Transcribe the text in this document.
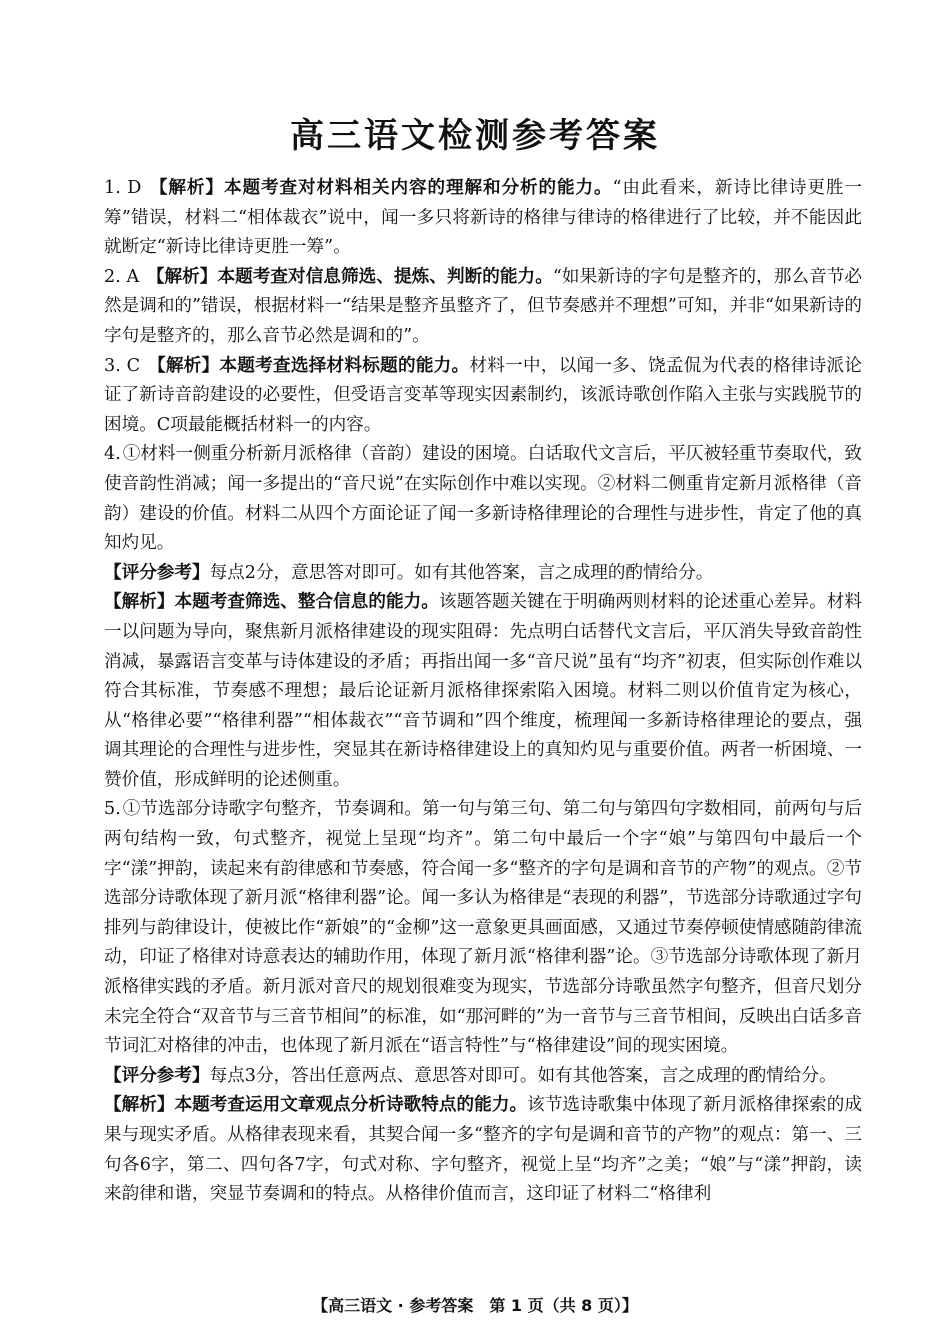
高三语文检测参考答案

1. D 【解析】本题考查对材料相关内容的理解和分析的能力。“由此看来，新诗比律诗更胜一筹”错误，材料二“相体裁衣”说中，闻一多只将新诗的格律与律诗的格律进行了比较，并不能因此就断定“新诗比律诗更胜一筹”。

2. A 【解析】本题考查对信息筛选、提炼、判断的能力。“如果新诗的字句是整齐的，那么音节必然是调和的”错误，根据材料一“结果是整齐虽整齐了，但节奏感并不理想”可知，并非“如果新诗的字句是整齐的，那么音节必然是调和的”。

3. C 【解析】本题考查选择材料标题的能力。材料一中，以闻一多、饶孟侃为代表的格律诗派论证了新诗音韵建设的必要性，但受语言变革等现实因素制约，该派诗歌创作陷入主张与实践脱节的困境。C项最能概括材料一的内容。

4. ①材料一侧重分析新月派格律（音韵）建设的困境。白话取代文言后，平仄被轻重节奏取代，致使音韵性消减；闻一多提出的“音尺说”在实际创作中难以实现。②材料二侧重肯定新月派格律（音韵）建设的价值。材料二从四个方面论证了闻一多新诗格律理论的合理性与进步性，肯定了他的真知灼见。

【评分参考】每点2分，意思答对即可。如有其他答案，言之成理的酌情给分。

【解析】本题考查筛选、整合信息的能力。该题答题关键在于明确两则材料的论述重心差异。材料一以问题为导向，聚焦新月派格律建设的现实阻碍：先点明白话替代文言后，平仄消失导致音韵性消减，暴露语言变革与诗体建设的矛盾；再指出闻一多“音尺说”虽有“均齐”初衷，但实际创作难以符合其标准，节奏感不理想；最后论证新月派格律探索陷入困境。材料二则以价值肯定为核心，从“格律必要”“格律利器”“相体裁衣”“音节调和”四个维度，梳理闻一多新诗格律理论的要点，强调其理论的合理性与进步性，突显其在新诗格律建设上的真知灼见与重要价值。两者一析困境、一赞价值，形成鲜明的论述侧重。

5. ①节选部分诗歌字句整齐，节奏调和。第一句与第三句、第二句与第四句字数相同，前两句与后两句结构一致，句式整齐，视觉上呈现“均齐”。第二句中最后一个字“娘”与第四句中最后一个字“漾”押韵，读起来有韵律感和节奏感，符合闻一多“整齐的字句是调和音节的产物”的观点。②节选部分诗歌体现了新月派“格律利器”论。闻一多认为格律是“表现的利器”，节选部分诗歌通过字句排列与韵律设计，使被比作“新娘”的“金柳”这一意象更具画面感，又通过节奏停顿使情感随韵律流动，印证了格律对诗意表达的辅助作用，体现了新月派“格律利器”论。③节选部分诗歌体现了新月派格律实践的矛盾。新月派对音尺的规划很难变为现实，节选部分诗歌虽然字句整齐，但音尺划分未完全符合“双音节与三音节相间”的标准，如“那河畔的”为一音节与三音节相间，反映出白话多音节词汇对格律的冲击，也体现了新月派在“语言特性”与“格律建设”间的现实困境。

【评分参考】每点3分，答出任意两点、意思答对即可。如有其他答案，言之成理的酌情给分。

【解析】本题考查运用文章观点分析诗歌特点的能力。该节选诗歌集中体现了新月派格律探索的成果与现实矛盾。从格律表现来看，其契合闻一多“整齐的字句是调和音节的产物”的观点：第一、三句各6字，第二、四句各7字，句式对称、字句整齐，视觉上呈“均齐”之美；“娘”与“漾”押韵，读来韵律和谐，突显节奏调和的特点。从格律价值而言，这印证了材料二“格律利

【高三语文 · 参考答案　第 1 页（共 8 页）】
